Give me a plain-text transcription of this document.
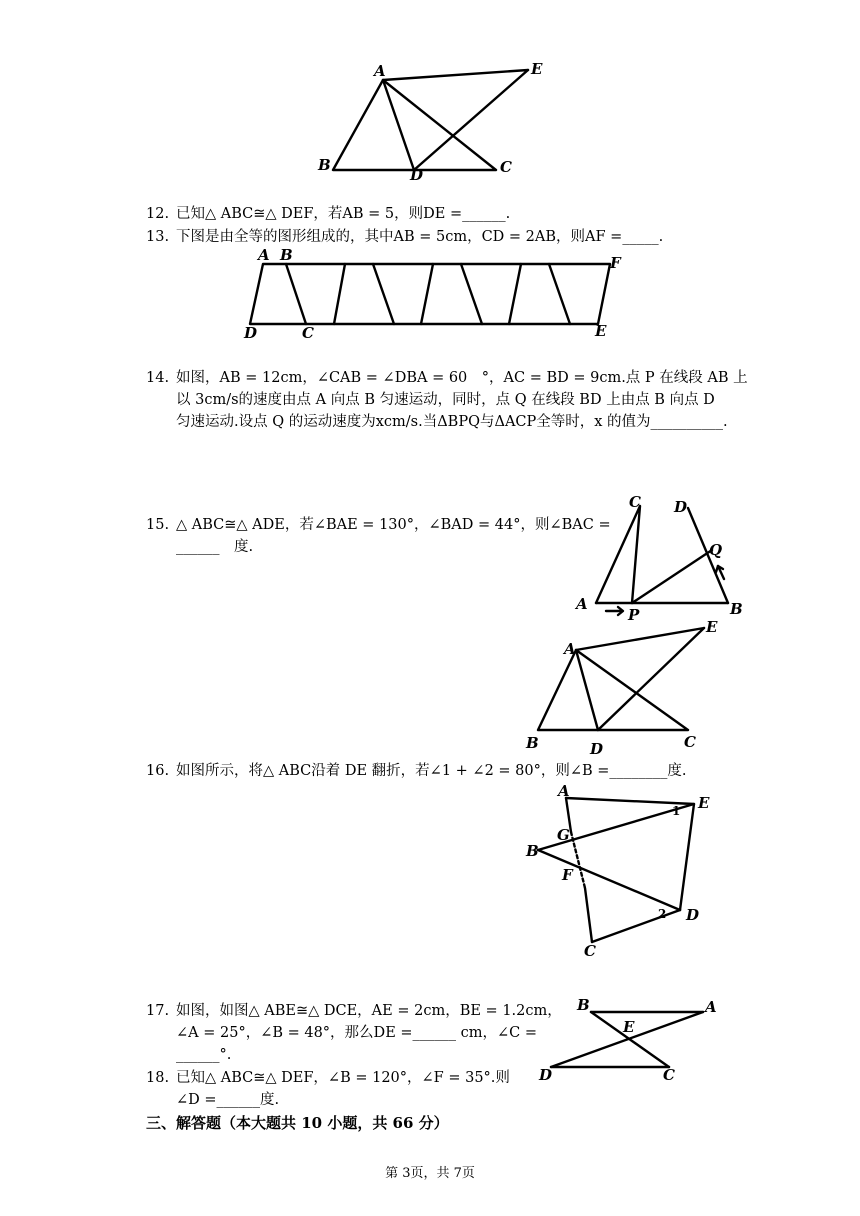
A	E
B
D	C
12. 已知△ ABC≅△ DEF，若AB = 5，则DE =______.
13. 下图是由全等的图形组成的，其中AB = 5cm，CD = 2AB，则AF =_____.
A B	F
D	C	E
14. 如图，AB = 12cm，∠CAB = ∠DBA = 60　°，AC = BD = 9cm.点 P 在线段 AB 上
以 3cm/s的速度由点 A 向点 B 匀速运动，同时，点 Q 在线段 BD 上由点 B 向点 D
匀速运动.设点 Q 的运动速度为xcm/s.当ΔBPQ与ΔACP全等时，x 的值为__________.
C D
Q
A
P	B
15. △ ABC≅△ ADE，若∠BAE = 130°，∠BAD = 44°，则∠BAC =
______　度.
A
E
B	D	C
16. 如图所示，将△ ABC沿着 DE 翻折，若∠1 + ∠2 = 80°，则∠B =________度.
A
E
1
G
B
F
2 D
C
17. 如图，如图△ ABE≅△ DCE，AE = 2cm，BE = 1.2cm，
∠A = 25°，∠B = 48°，那么DE =______ cm，∠C =
______°.
B	A
E
D	C
18. 已知△ ABC≅△ DEF，∠B = 120°，∠F = 35°.则
∠D =______度.
三、解答题（本大题共 10 小题，共 66 分）
第 3页，共 7页
